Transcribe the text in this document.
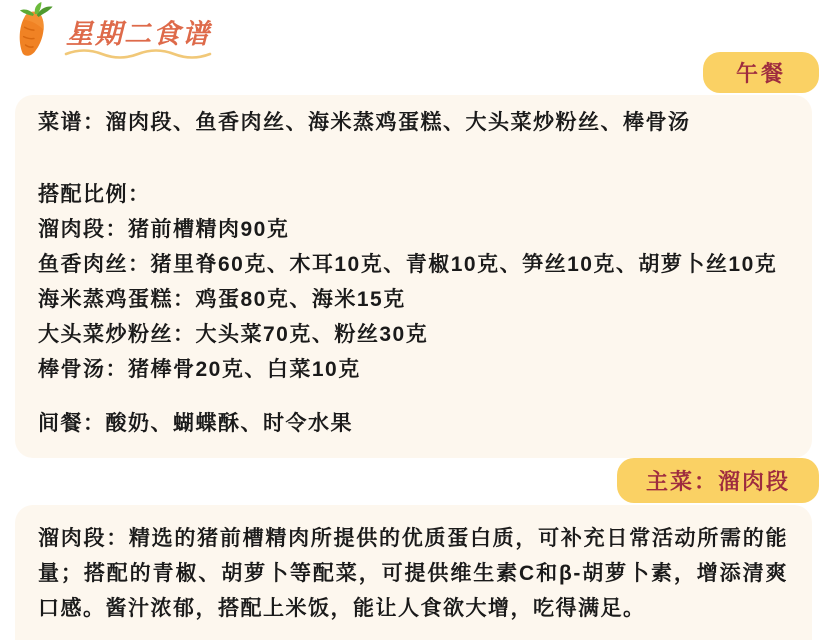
星期二食谱
午餐
菜谱：溜肉段、鱼香肉丝、海米蒸鸡蛋糕、大头菜炒粉丝、棒骨汤
搭配比例：
溜肉段：猪前槽精肉90克
鱼香肉丝：猪里脊60克、木耳10克、青椒10克、笋丝10克、胡萝卜丝10克
海米蒸鸡蛋糕：鸡蛋80克、海米15克
大头菜炒粉丝：大头菜70克、粉丝30克
棒骨汤：猪棒骨20克、白菜10克
间餐：酸奶、蝴蝶酥、时令水果
主菜：溜肉段
溜肉段：精选的猪前槽精肉所提供的优质蛋白质，可补充日常活动所需的能量；搭配的青椒、胡萝卜等配菜，可提供维生素C和β-胡萝卜素，增添清爽口感。酱汁浓郁，搭配上米饭，能让人食欲大增，吃得满足。
